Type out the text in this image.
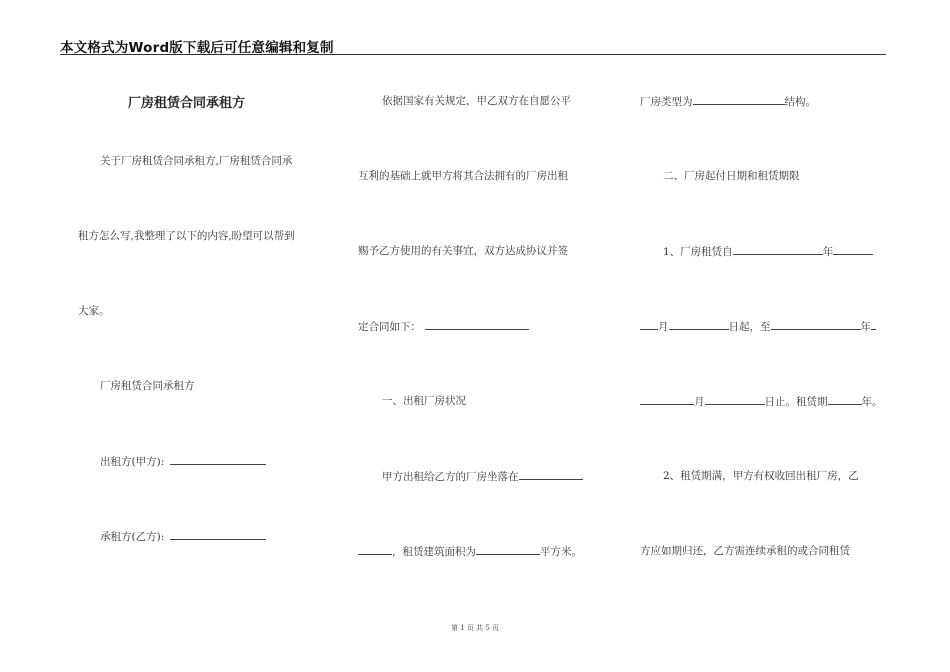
本文格式为Word版下载后可任意编辑和复制
厂房租赁合同承租方
关于厂房租赁合同承租方,厂房租赁合同承
租方怎么写,我整理了以下的内容,盼望可以帮到
大家。
厂房租赁合同承租方
出租方(甲方):
承租方(乙方):
依据国家有关规定，甲乙双方在自愿公平
互利的基础上就甲方将其合法拥有的厂房出租
赐予乙方使用的有关事宜，双方达成协议并签
定合同如下：
一、出租厂房状况
甲方出租给乙方的厂房坐落在
，租赁建筑面积为	平方米。
厂房类型为	结构。
二、厂房起付日期和租赁期限
1、厂房租赁自	年
月	日起，至	年
月	日止。租赁期	年。
2、租赁期满，甲方有权收回出租厂房，乙
方应如期归还，乙方需连续承租的或合同租赁
第 1 页 共 5 页
